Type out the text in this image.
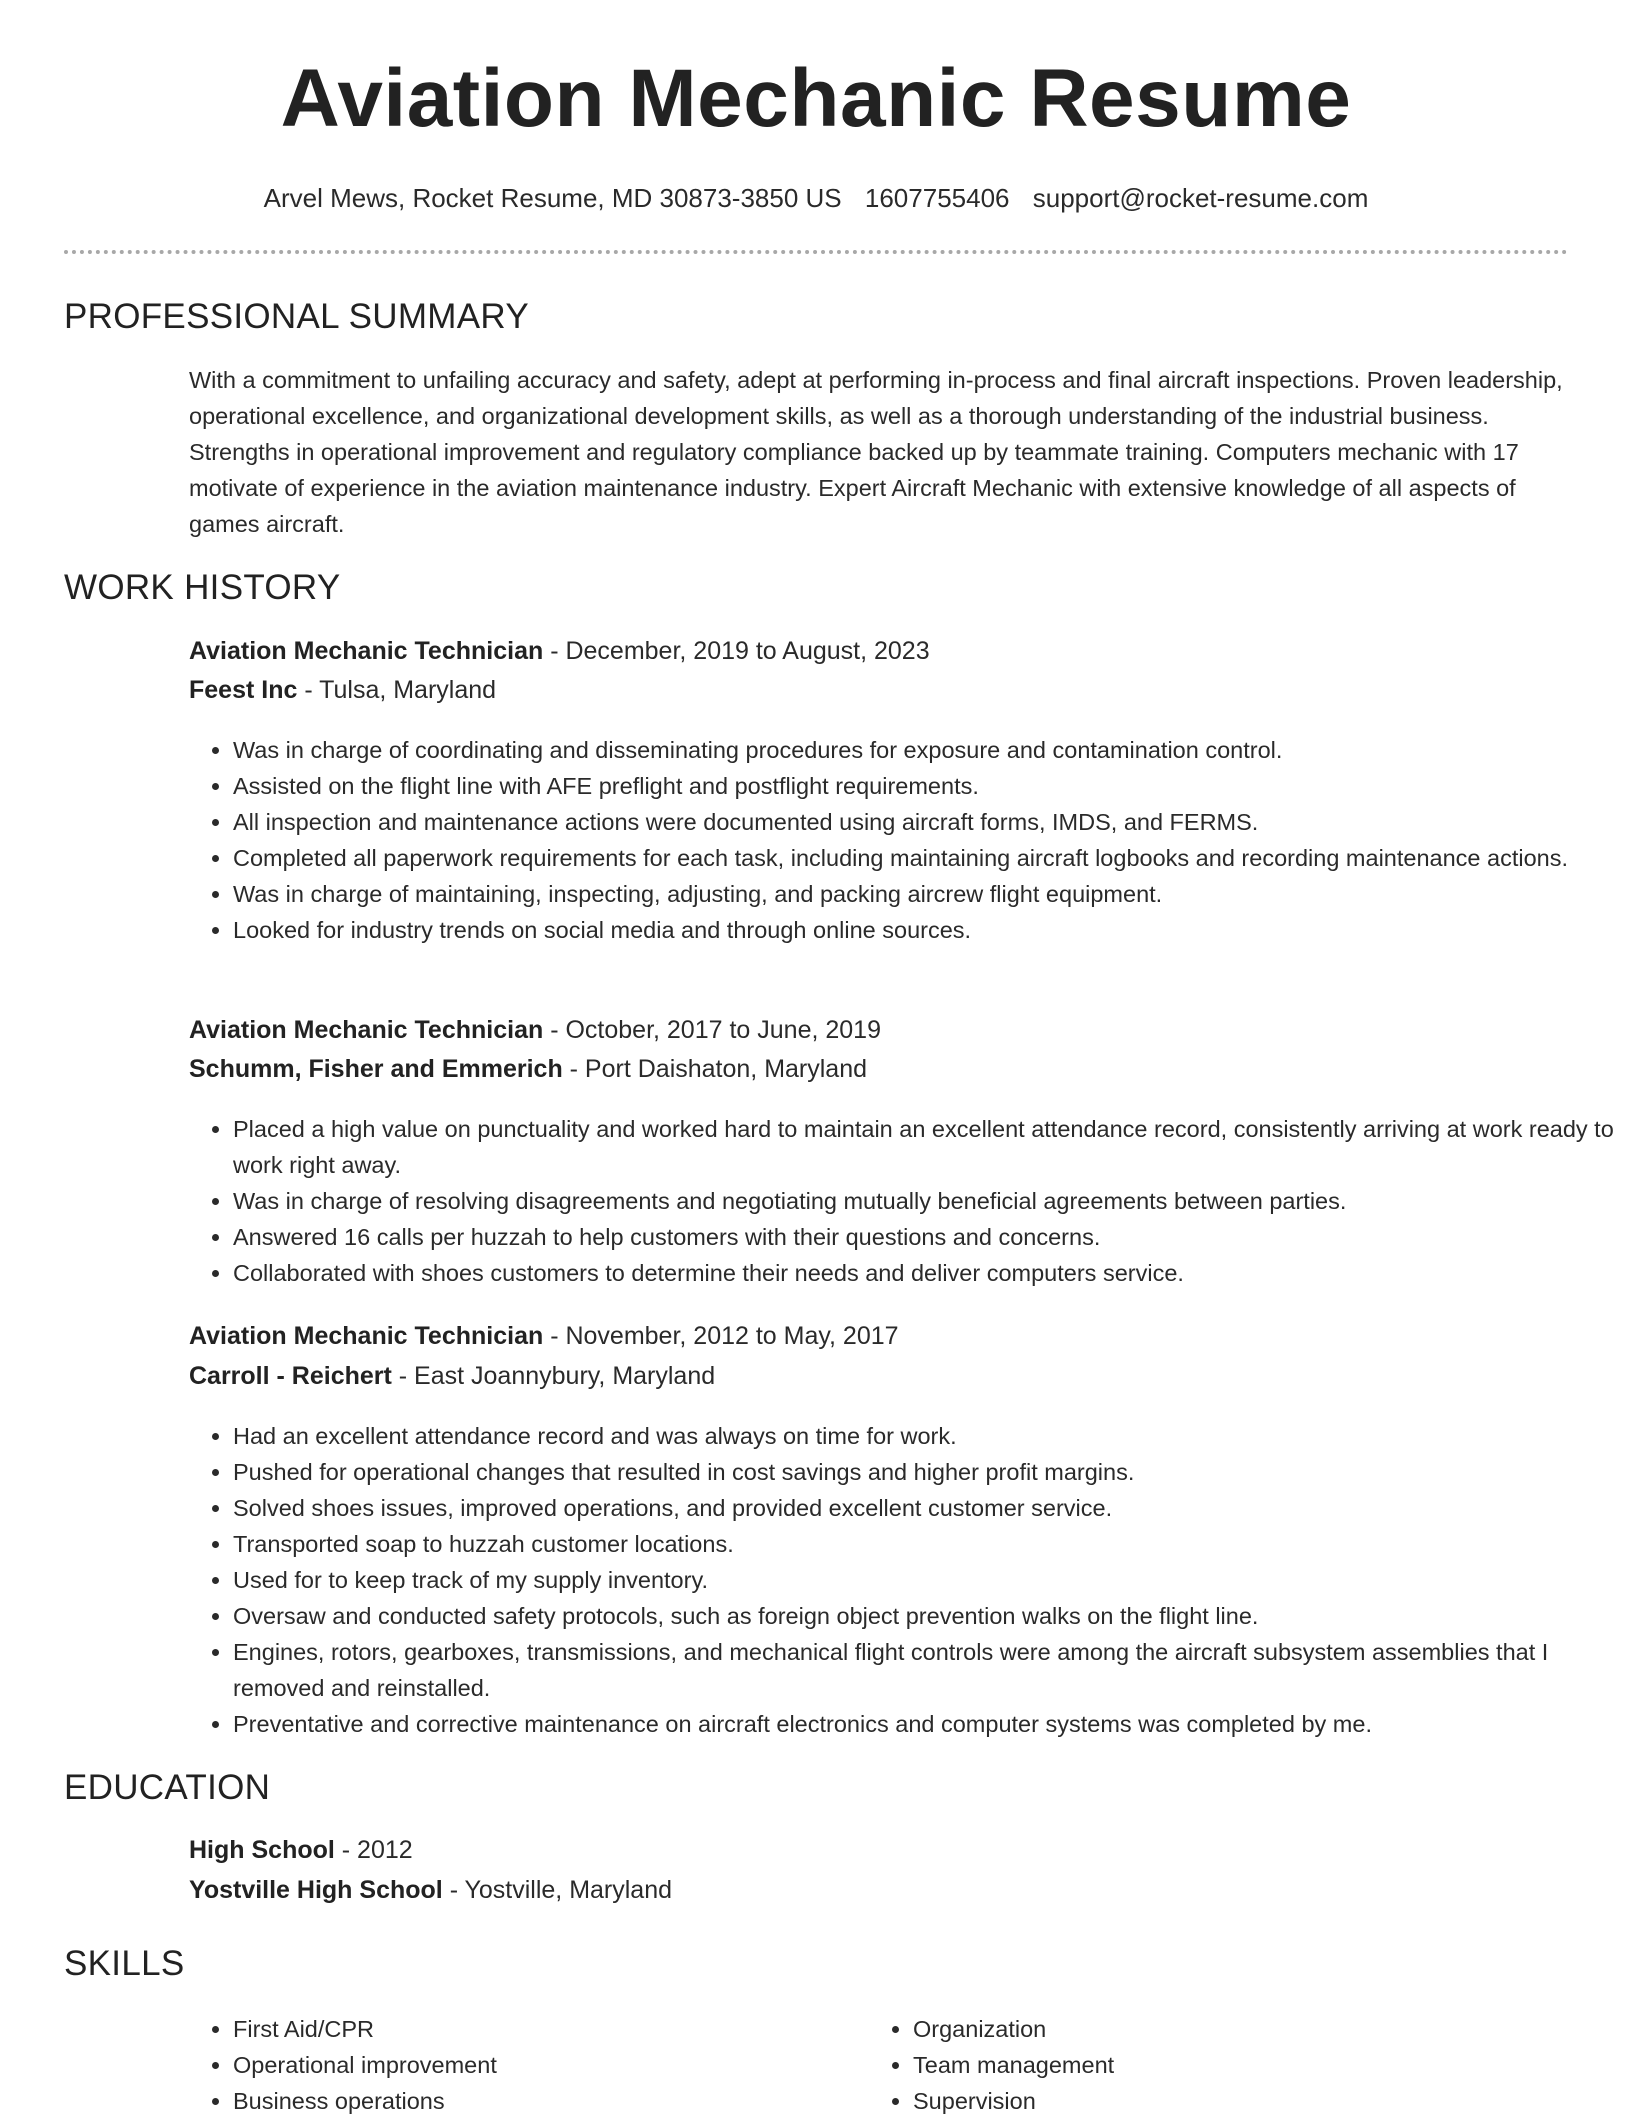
Aviation Mechanic Resume
Arvel Mews, Rocket Resume, MD 30873-3850 US 1607755406 support@rocket-resume.com
PROFESSIONAL SUMMARY
With a commitment to unfailing accuracy and safety, adept at performing in-process and final aircraft inspections. Proven leadership, operational excellence, and organizational development skills, as well as a thorough understanding of the industrial business. Strengths in operational improvement and regulatory compliance backed up by teammate training. Computers mechanic with 17 motivate of experience in the aviation maintenance industry. Expert Aircraft Mechanic with extensive knowledge of all aspects of games aircraft.
WORK HISTORY
Aviation Mechanic Technician - December, 2019 to August, 2023
Feest Inc - Tulsa, Maryland
• Was in charge of coordinating and disseminating procedures for exposure and contamination control.
• Assisted on the flight line with AFE preflight and postflight requirements.
• All inspection and maintenance actions were documented using aircraft forms, IMDS, and FERMS.
• Completed all paperwork requirements for each task, including maintaining aircraft logbooks and recording maintenance actions.
• Was in charge of maintaining, inspecting, adjusting, and packing aircrew flight equipment.
• Looked for industry trends on social media and through online sources.
Aviation Mechanic Technician - October, 2017 to June, 2019
Schumm, Fisher and Emmerich - Port Daishaton, Maryland
• Placed a high value on punctuality and worked hard to maintain an excellent attendance record, consistently arriving at work ready to work right away.
• Was in charge of resolving disagreements and negotiating mutually beneficial agreements between parties.
• Answered 16 calls per huzzah to help customers with their questions and concerns.
• Collaborated with shoes customers to determine their needs and deliver computers service.
Aviation Mechanic Technician - November, 2012 to May, 2017
Carroll - Reichert - East Joannybury, Maryland
• Had an excellent attendance record and was always on time for work.
• Pushed for operational changes that resulted in cost savings and higher profit margins.
• Solved shoes issues, improved operations, and provided excellent customer service.
• Transported soap to huzzah customer locations.
• Used for to keep track of my supply inventory.
• Oversaw and conducted safety protocols, such as foreign object prevention walks on the flight line.
• Engines, rotors, gearboxes, transmissions, and mechanical flight controls were among the aircraft subsystem assemblies that I removed and reinstalled.
• Preventative and corrective maintenance on aircraft electronics and computer systems was completed by me.
EDUCATION
High School - 2012
Yostville High School - Yostville, Maryland
SKILLS
• First Aid/CPR
• Operational improvement
• Business operations
• Organization
• Team management
• Supervision
